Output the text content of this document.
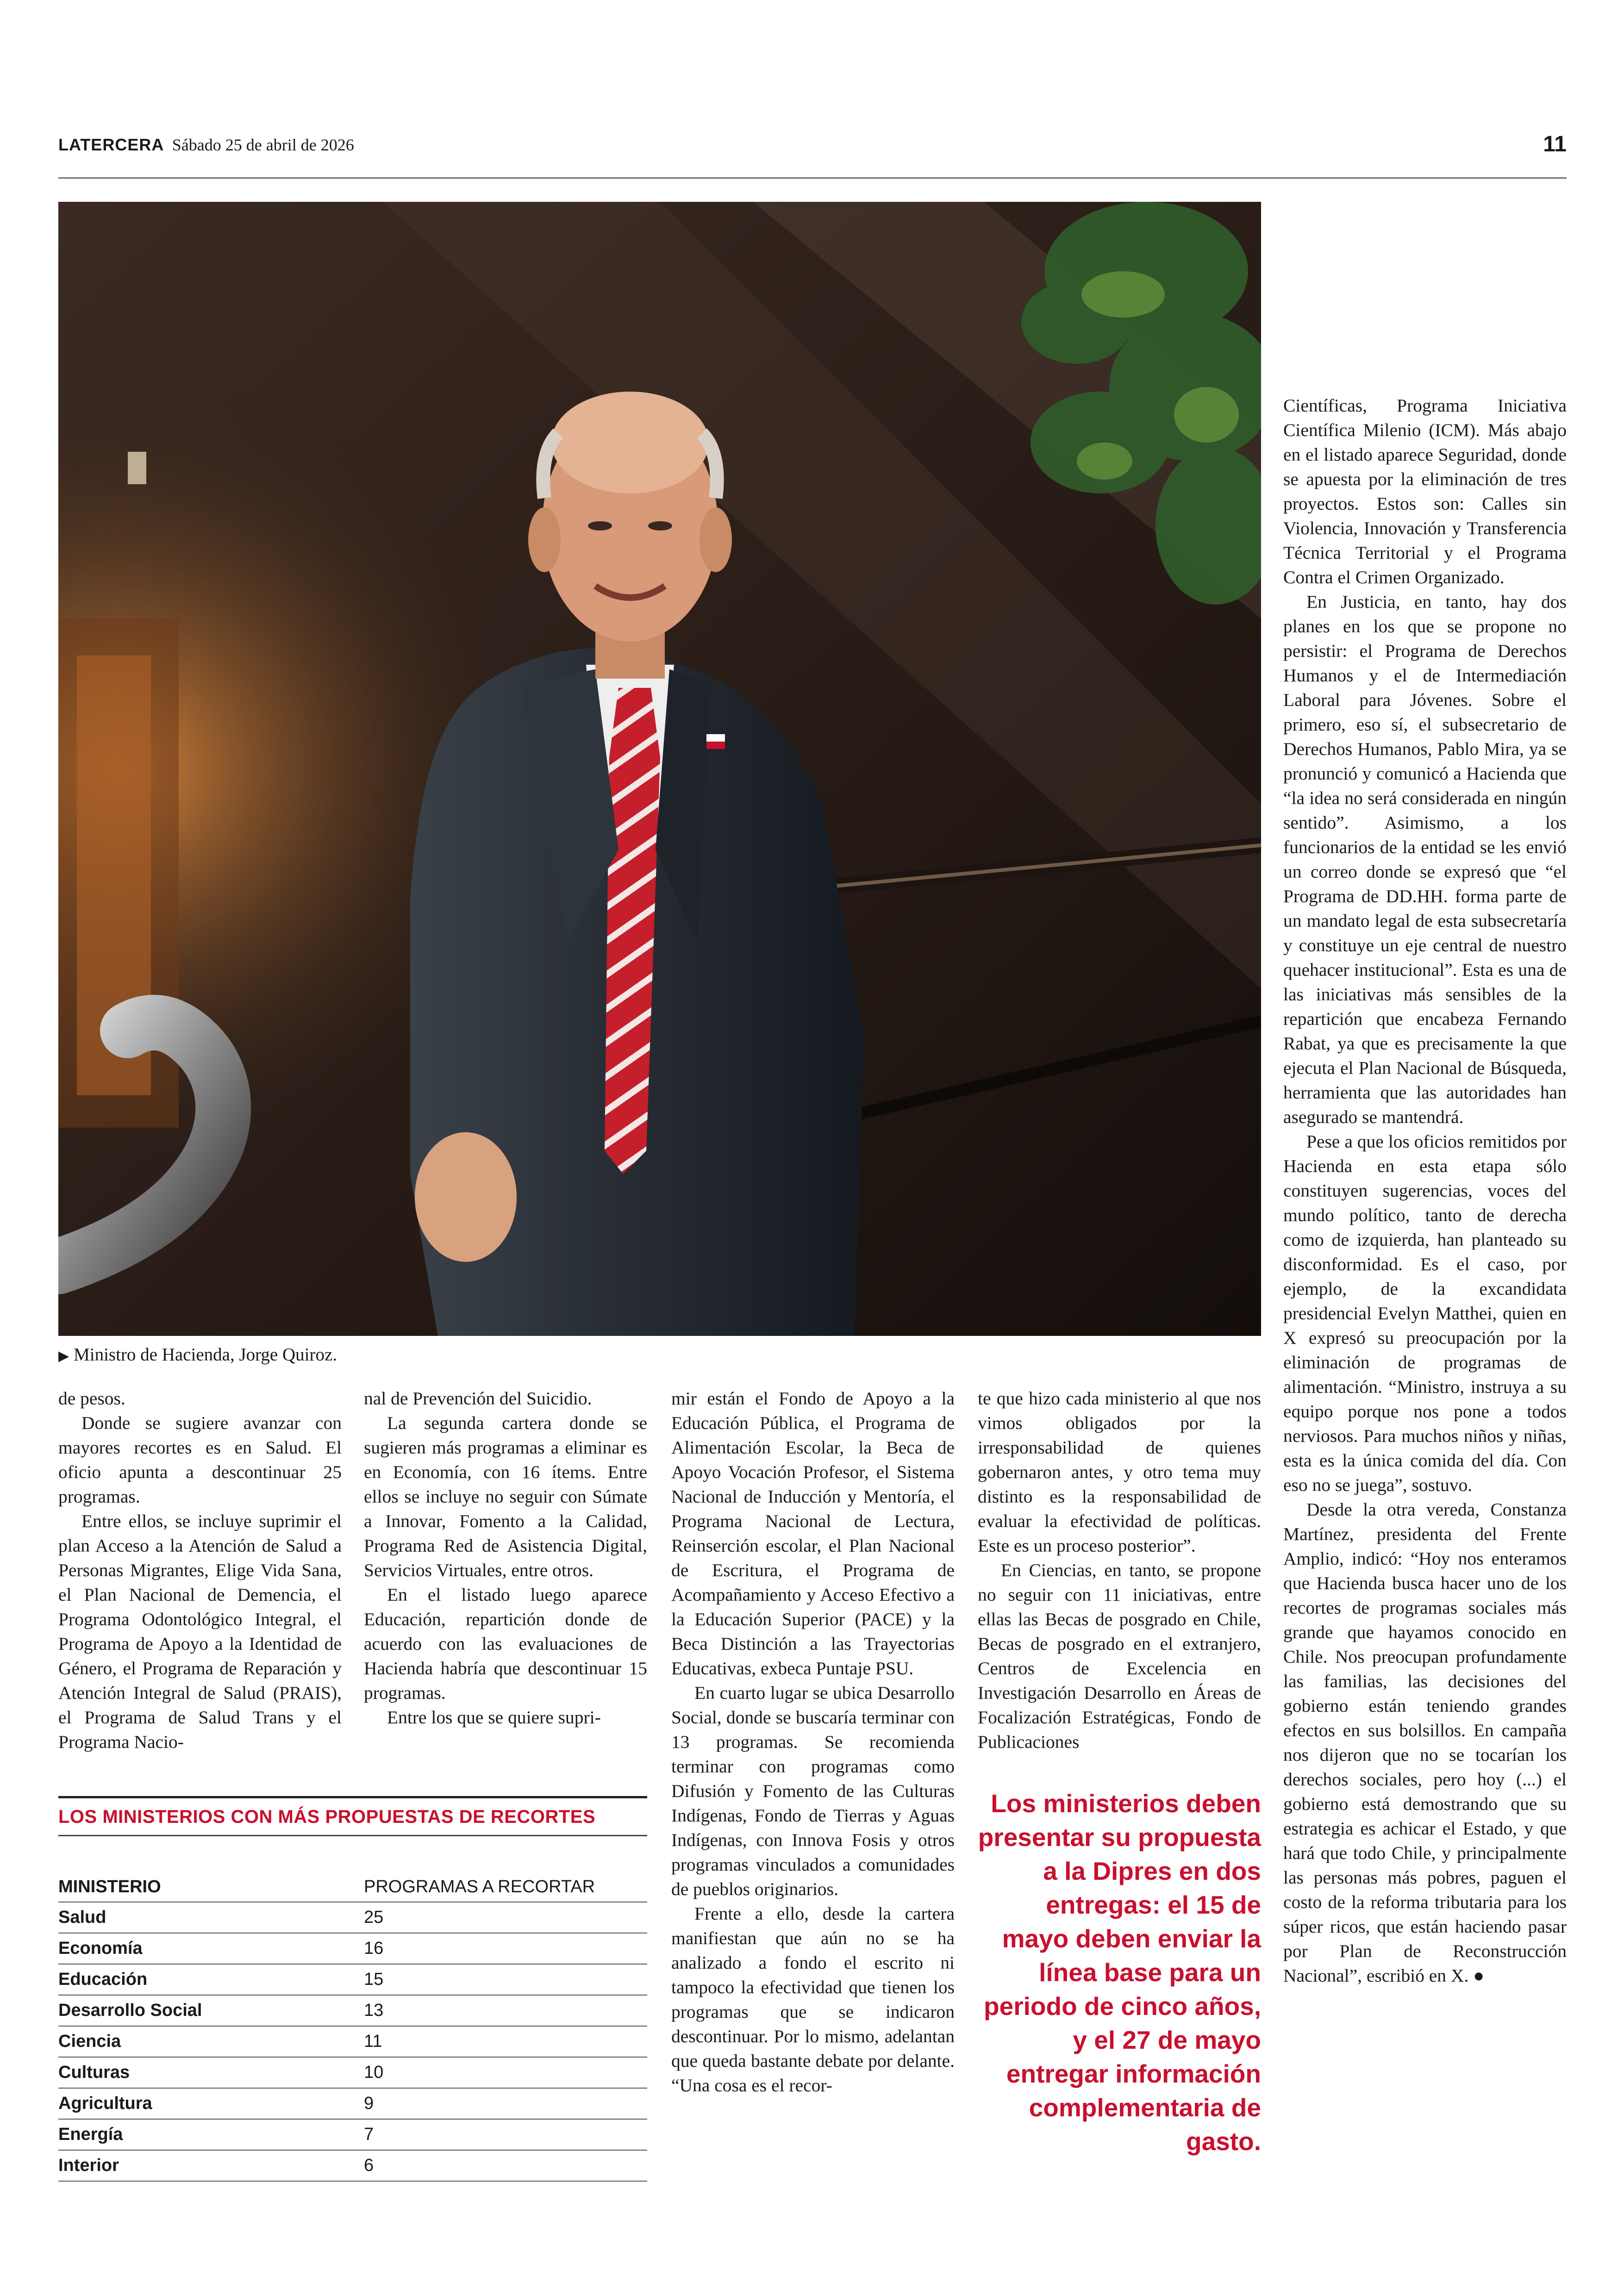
LATERCERA Sábado 25 de abril de 2026	11
▶ Ministro de Hacienda, Jorge Quiroz.

de pesos.

Donde se sugiere avanzar con mayores recortes es en Salud. El oficio apunta a descontinuar 25 programas.

Entre ellos, se incluye suprimir el plan Acceso a la Atención de Salud a Personas Migrantes, Elige Vida Sana, el Plan Nacional de Demencia, el Programa Odontológico Integral, el Programa de Apoyo a la Identidad de Género, el Programa de Reparación y Atención Integral de Salud (PRAIS), el Programa de Salud Trans y el Programa Nacio-

nal de Prevención del Suicidio.

La segunda cartera donde se sugieren más programas a eliminar es en Economía, con 16 ítems. Entre ellos se incluye no seguir con Súmate a Innovar, Fomento a la Calidad, Programa Red de Asistencia Digital, Servicios Virtuales, entre otros.

En el listado luego aparece Educación, repartición donde de acuerdo con las evaluaciones de Hacienda habría que descontinuar 15 programas.

Entre los que se quiere supri-

mir están el Fondo de Apoyo a la Educación Pública, el Programa de Alimentación Escolar, la Beca de Apoyo Vocación Profesor, el Sistema Nacional de Inducción y Mentoría, el Programa Nacional de Lectura, Reinserción escolar, el Plan Nacional de Escritura, el Programa de Acompañamiento y Acceso Efectivo a la Educación Superior (PACE) y la Beca Distinción a las Trayectorias Educativas, exbeca Puntaje PSU.

En cuarto lugar se ubica Desarrollo Social, donde se buscaría terminar con 13 programas. Se recomienda terminar con programas como Difusión y Fomento de las Culturas Indígenas, Fondo de Tierras y Aguas Indígenas, con Innova Fosis y otros programas vinculados a comunidades de pueblos originarios.

Frente a ello, desde la cartera manifiestan que aún no se ha analizado a fondo el escrito ni tampoco la efectividad que tienen los programas que se indicaron descontinuar. Por lo mismo, adelantan que queda bastante debate por delante. “Una cosa es el recor-

te que hizo cada ministerio al que nos vimos obligados por la irresponsabilidad de quienes gobernaron antes, y otro tema muy distinto es la responsabilidad de evaluar la efectividad de políticas. Este es un proceso posterior”.

En Ciencias, en tanto, se propone no seguir con 11 iniciativas, entre ellas las Becas de posgrado en Chile, Becas de posgrado en el extranjero, Centros de Excelencia en Investigación Desarrollo en Áreas de Focalización Estratégicas, Fondo de Publicaciones

Científicas, Programa Iniciativa Científica Milenio (ICM). Más abajo en el listado aparece Seguridad, donde se apuesta por la eliminación de tres proyectos. Estos son: Calles sin Violencia, Innovación y Transferencia Técnica Territorial y el Programa Contra el Crimen Organizado.

En Justicia, en tanto, hay dos planes en los que se propone no persistir: el Programa de Derechos Humanos y el de Intermediación Laboral para Jóvenes. Sobre el primero, eso sí, el subsecretario de Derechos Humanos, Pablo Mira, ya se pronunció y comunicó a Hacienda que “la idea no será considerada en ningún sentido”. Asimismo, a los funcionarios de la entidad se les envió un correo donde se expresó que “el Programa de DD.HH. forma parte de un mandato legal de esta subsecretaría y constituye un eje central de nuestro quehacer institucional”. Esta es una de las iniciativas más sensibles de la repartición que encabeza Fernando Rabat, ya que es precisamente la que ejecuta el Plan Nacional de Búsqueda, herramienta que las autoridades han asegurado se mantendrá.

Pese a que los oficios remitidos por Hacienda en esta etapa sólo constituyen sugerencias, voces del mundo político, tanto de derecha como de izquierda, han planteado su disconformidad. Es el caso, por ejemplo, de la excandidata presidencial Evelyn Matthei, quien en X expresó su preocupación por la eliminación de programas de alimentación. “Ministro, instruya a su equipo porque nos pone a todos nerviosos. Para muchos niños y niñas, esta es la única comida del día. Con eso no se juega”, sostuvo.

Desde la otra vereda, Constanza Martínez, presidenta del Frente Amplio, indicó: “Hoy nos enteramos que Hacienda busca hacer uno de los recortes de programas sociales más grande que hayamos conocido en Chile. Nos preocupan profundamente las familias, las decisiones del gobierno están teniendo grandes efectos en sus bolsillos. En campaña nos dijeron que no se tocarían los derechos sociales, pero hoy (...) el gobierno está demostrando que su estrategia es achicar el Estado, y que hará que todo Chile, y principalmente las personas más pobres, paguen el costo de la reforma tributaria para los súper ricos, que están haciendo pasar por Plan de Reconstrucción Nacional”, escribió en X. ●

LOS MINISTERIOS CON MÁS PROPUESTAS DE RECORTES
MINISTERIO	PROGRAMAS A RECORTAR
Salud	25
Economía	16
Educación	15
Desarrollo Social	13
Ciencia	11
Culturas	10
Agricultura	9
Energía	7
Interior	6
Los ministerios deben presentar su propuesta a la Dipres en dos entregas: el 15 de mayo deben enviar la línea base para un periodo de cinco años, y el 27 de mayo entregar información complementaria de gasto.
